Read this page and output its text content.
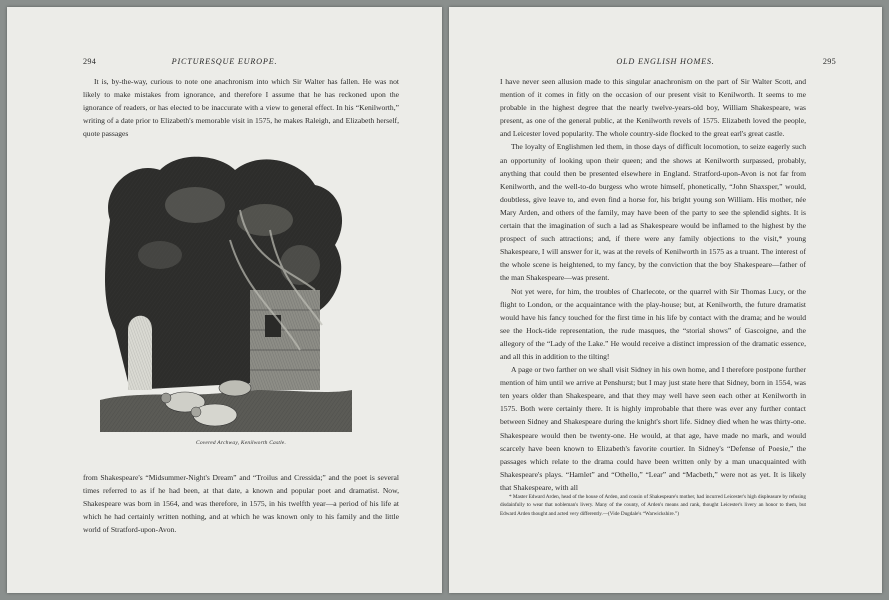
294	PICTURESQUE EUROPE.

It is, by-the-way, curious to note one anachronism into which Sir Walter has fallen. He was not likely to make mistakes from ignorance, and therefore I assume that he has reckoned upon the ignorance of readers, or has elected to be inaccurate with a view to general effect. In his “Kenilworth,” writing of a date prior to Elizabeth's memorable visit in 1575, he makes Raleigh, and Elizabeth herself, quote passages

Covered Archway, Kenilworth Castle.

from Shakespeare's “Midsummer-Night's Dream” and “Troilus and Cressida;” and the poet is several times referred to as if he had been, at that date, a known and popular poet and dramatist. Now, Shakespeare was born in 1564, and was therefore, in 1575, in his twelfth year—a period of his life at which he had certainly written nothing, and at which he was known only to his family and the little world of Stratford-upon-Avon.

OLD ENGLISH HOMES.	295

I have never seen allusion made to this singular anachronism on the part of Sir Walter Scott, and mention of it comes in fitly on the occasion of our present visit to Kenilworth. It seems to me probable in the highest degree that the nearly twelve-years-old boy, William Shakespeare, was present, as one of the general public, at the Kenilworth revels of 1575. Elizabeth loved the people, and Leicester loved popularity. The whole country-side flocked to the great earl's great castle.

The loyalty of Englishmen led them, in those days of difficult locomotion, to seize eagerly such an opportunity of looking upon their queen; and the shows at Kenilworth surpassed, probably, anything that could then be presented elsewhere in England. Stratford-upon-Avon is not far from Kenilworth, and the well-to-do burgess who wrote himself, phonetically, “John Shaxsper,” would, doubtless, give leave to, and even find a horse for, his bright young son William. His mother, née Mary Arden, and others of the family, may have been of the party to see the splendid sights. It is certain that the imagination of such a lad as Shakespeare would be inflamed to the highest by the prospect of such attractions; and, if there were any family objections to the visit,* young Shakespeare, I will answer for it, was at the revels of Kenilworth in 1575 as a truant. The interest of the whole scene is heightened, to my fancy, by the conviction that the boy Shakespeare—father of the man Shakespeare—was present.

Not yet were, for him, the troubles of Charlecote, or the quarrel with Sir Thomas Lucy, or the flight to London, or the acquaintance with the play-house; but, at Kenilworth, the future dramatist would have his fancy touched for the first time in his life by contact with the drama; and he would see the Hock-tide representation, the rude masques, the “storial shows” of Gascoigne, and the allegory of the “Lady of the Lake.” He would receive a distinct impression of the dramatic essence, and all this in addition to the tilting!

A page or two farther on we shall visit Sidney in his own home, and I therefore postpone further mention of him until we arrive at Penshurst; but I may just state here that Sidney, born in 1554, was ten years older than Shakespeare, and that they may well have seen each other at Kenilworth in 1575. Both were certainly there. It is highly improbable that there was ever any further contact between Sidney and Shakespeare during the knight's short life. Sidney died when he was thirty-one. Shakespeare would then be twenty-one. He would, at that age, have made no mark, and would scarcely have been known to Elizabeth's favorite courtier. In Sidney's “Defense of Poesie,” the passages which relate to the drama could have been written only by a man unacquainted with Shakespeare's plays. “Hamlet” and “Othello,” “Lear” and “Macbeth,” were not as yet. It is likely that Shakespeare, with all

* Master Edward Arden, head of the house of Arden, and cousin of Shakespeare's mother, had incurred Leicester's high displeasure by refusing disdainfully to wear that nobleman's livery. Many of the county, of Arden's means and rank, thought Leicester's livery an honor to them, but Edward Arden thought and acted very differently.—(Vide Dugdale's “Warwickshire.”)
